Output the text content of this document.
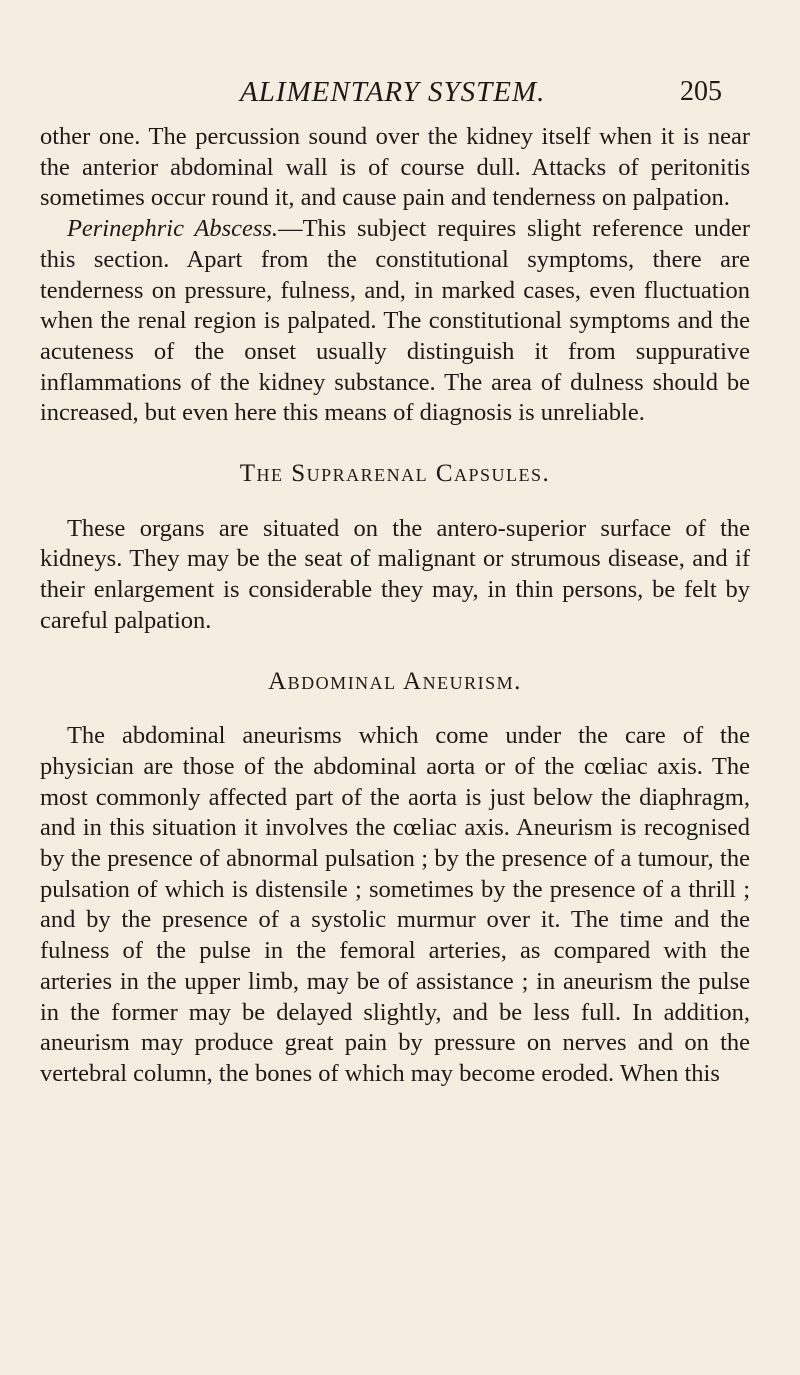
ALIMENTARY SYSTEM.	205

other one. The percussion sound over the kidney itself when it is near the anterior abdominal wall is of course dull. Attacks of peritonitis sometimes occur round it, and cause pain and tenderness on palpation.

Perinephric Abscess.—This subject requires slight reference under this section. Apart from the constitutional symptoms, there are tenderness on pressure, fulness, and, in marked cases, even fluctuation when the renal region is palpated. The constitutional symptoms and the acuteness of the onset usually distinguish it from suppurative inflammations of the kidney substance. The area of dulness should be increased, but even here this means of diagnosis is unreliable.

The Suprarenal Capsules.

These organs are situated on the antero-superior surface of the kidneys. They may be the seat of malignant or strumous disease, and if their enlargement is considerable they may, in thin persons, be felt by careful palpation.

Abdominal Aneurism.

The abdominal aneurisms which come under the care of the physician are those of the abdominal aorta or of the cœliac axis. The most commonly affected part of the aorta is just below the diaphragm, and in this situation it involves the cœliac axis. Aneurism is recognised by the presence of abnormal pulsation ; by the presence of a tumour, the pulsation of which is distensile ; sometimes by the presence of a thrill ; and by the presence of a systolic murmur over it. The time and the fulness of the pulse in the femoral arteries, as compared with the arteries in the upper limb, may be of assistance ; in aneurism the pulse in the former may be delayed slightly, and be less full. In addition, aneurism may produce great pain by pressure on nerves and on the vertebral column, the bones of which may become eroded. When this
